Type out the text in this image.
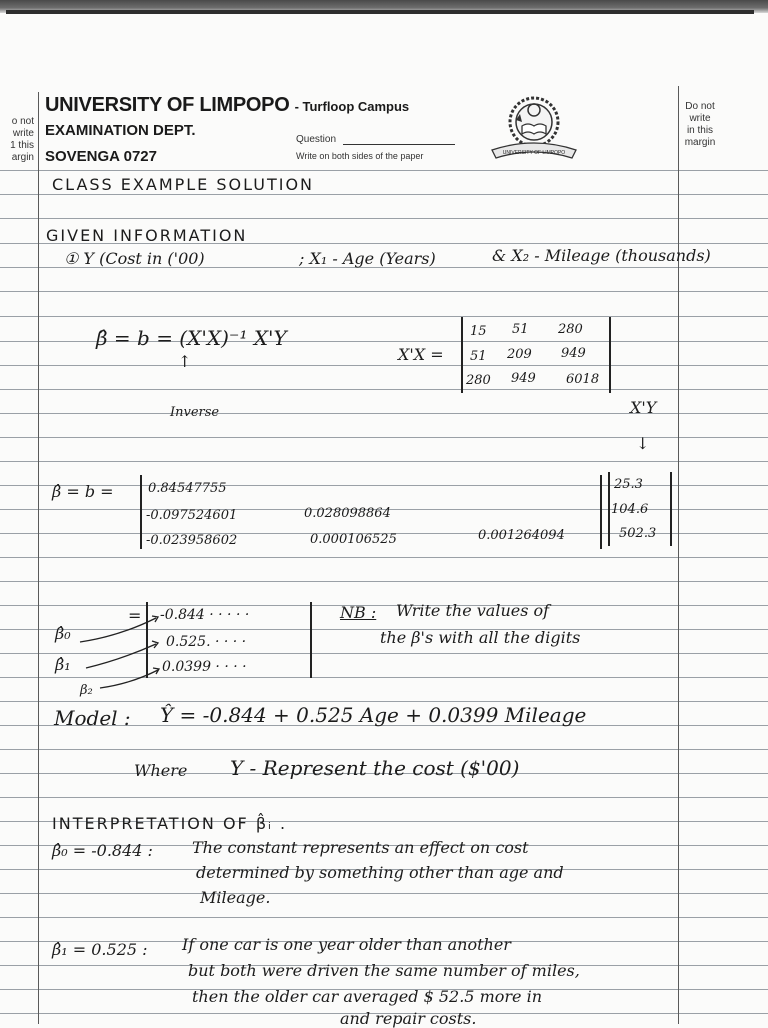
o not
write
1 this
argin
Do not
write
in this
margin
UNIVERSITY OF LIMPOPO - Turfloop Campus
EXAMINATION DEPT.
SOVENGA 0727
Question
Write on both sides of the paper	UNIVERSITY OF LIMPOPO
CLASS EXAMPLE SOLUTION
GIVEN INFORMATION
① Y (Cost in ('00)	; X₁ - Age (Years)	& X₂ - Mileage (thousands)
β̂ = b = (X'X)⁻¹ X'Y
↑
Inverse
X'X =
15 51 280
51 209 949
280 949 6018
X'Y
↓
β̂ = b =	0.84547755
-0.097524601	0.028098864
-0.023958602	0.000106525	0.001264094
25.3
104.6
502.3
= -0.844 · · · · ·
0.525. · · · ·
0.0399 · · · ·
β̂₀
β̂₁
β₂
NB : Write the values of
the β's with all the digits
Model : Ŷ = -0.844 + 0.525 Age + 0.0399 Mileage
Where Y - Represent the cost ($'00)
INTERPRETATION OF β̂ᵢ .
β̂₀ = -0.844 : The constant represents an effect on cost
determined by something other than age and
Mileage.
β̂₁ = 0.525 : If one car is one year older than another
but both were driven the same number of miles,
then the older car averaged $ 52.5 more in
and repair costs.
